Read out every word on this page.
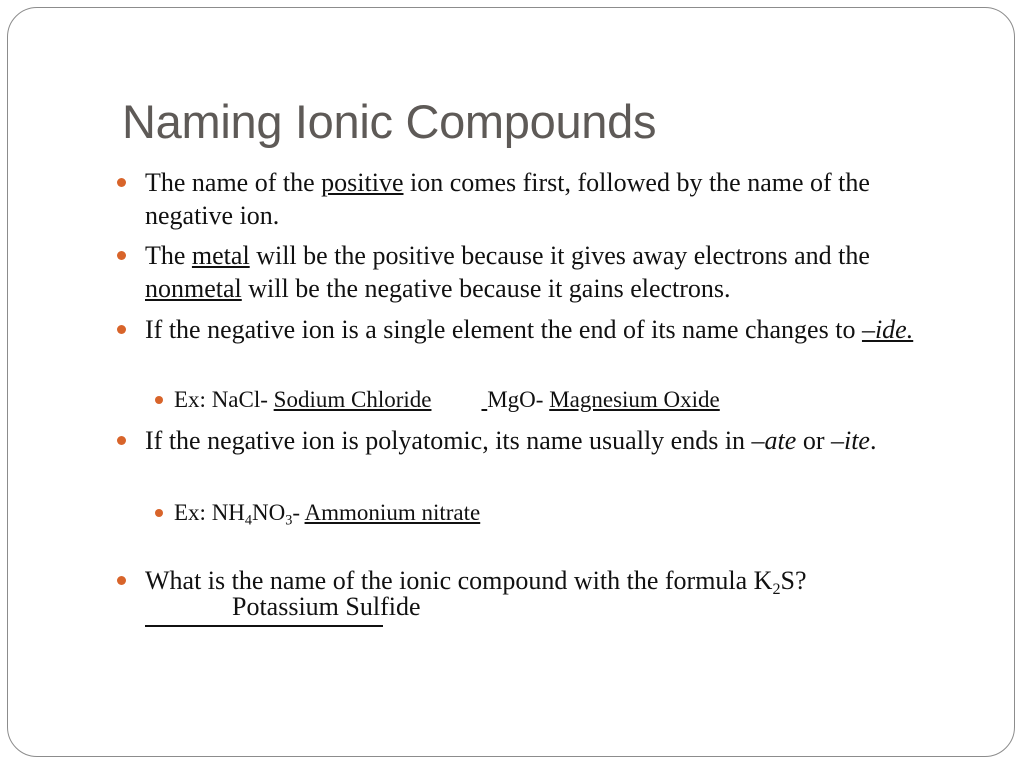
Naming Ionic Compounds
The name of the positive ion comes first, followed by the name of the negative ion.
The metal will be the positive because it gives away electrons and the nonmetal will be the negative because it gains electrons.
If the negative ion is a single element the end of its name changes to –ide.
Ex: NaCl- Sodium Chloride MgO- Magnesium Oxide
If the negative ion is polyatomic, its name usually ends in –ate or –ite.
Ex: $NH_4NO_3-$ Ammonium nitrate
What is the name of the ionic compound with the formula $K_2S$?
Potassium Sulfide
